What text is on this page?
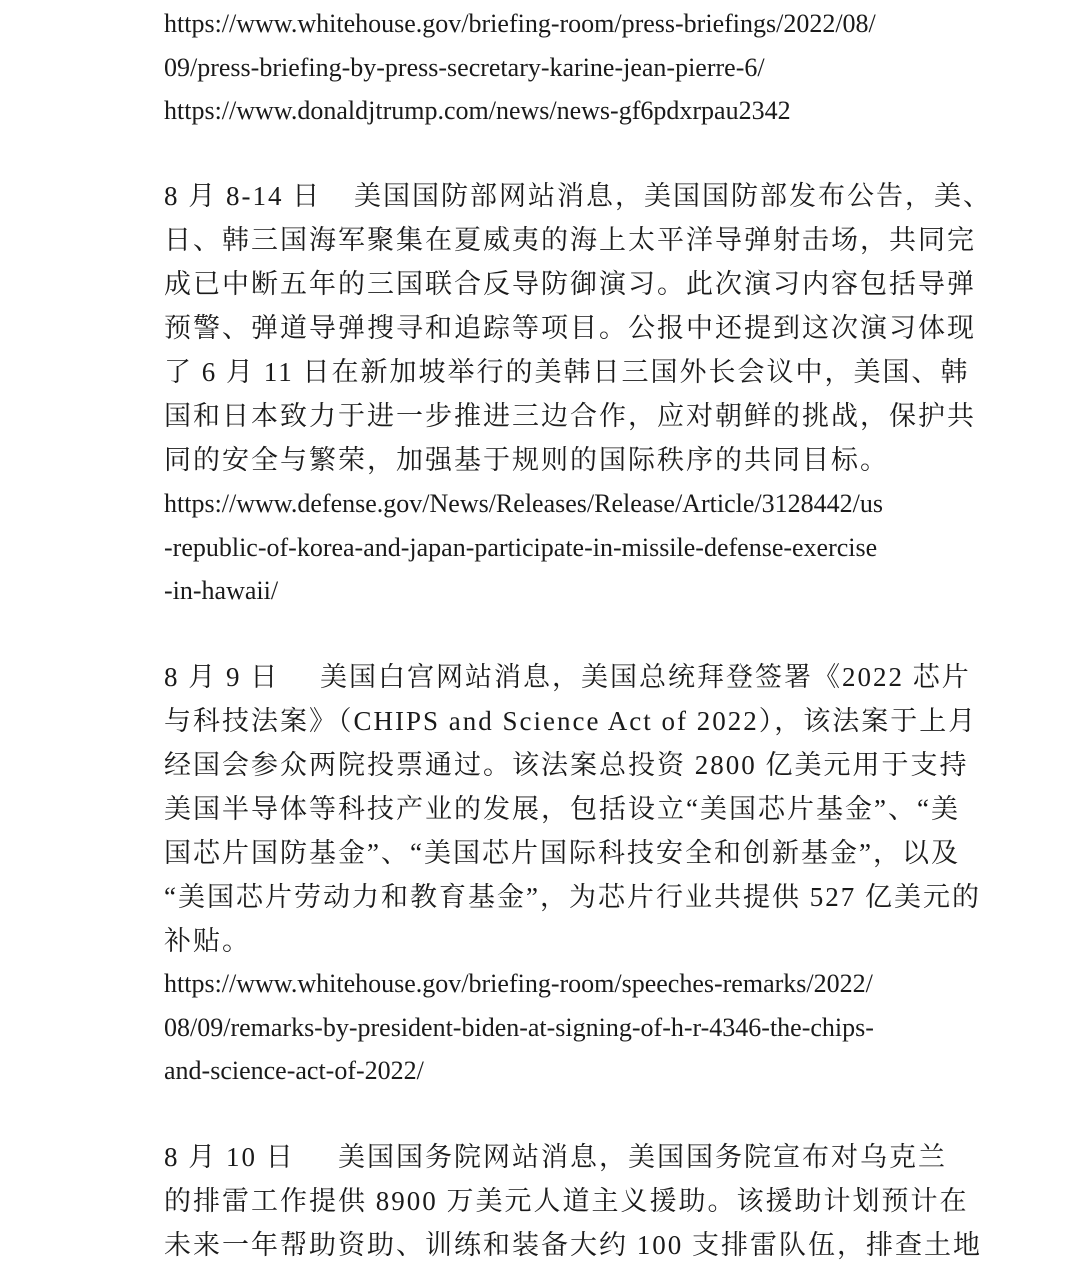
https://www.whitehouse.gov/briefing-room/press-briefings/2022/08/
09/press-briefing-by-press-secretary-karine-jean-pierre-6/
https://www.donaldjtrump.com/news/news-gf6pdxrpau2342
8 月 8-14 日 美国国防部网站消息，美国国防部发布公告，美、
日、韩三国海军聚集在夏威夷的海上太平洋导弹射击场，共同完
成已中断五年的三国联合反导防御演习。此次演习内容包括导弹
预警、弹道导弹搜寻和追踪等项目。公报中还提到这次演习体现
了 6 月 11 日在新加坡举行的美韩日三国外长会议中，美国、韩
国和日本致力于进一步推进三边合作，应对朝鲜的挑战，保护共
同的安全与繁荣，加强基于规则的国际秩序的共同目标。
https://www.defense.gov/News/Releases/Release/Article/3128442/us
-republic-of-korea-and-japan-participate-in-missile-defense-exercise
-in-hawaii/
8 月 9 日 美国白宫网站消息，美国总统拜登签署《2022 芯片
与科技法案》（CHIPS and Science Act of 2022），该法案于上月
经国会参众两院投票通过。该法案总投资 2800 亿美元用于支持
美国半导体等科技产业的发展，包括设立“美国芯片基金”、“美
国芯片国防基金”、“美国芯片国际科技安全和创新基金”，以及
“美国芯片劳动力和教育基金”，为芯片行业共提供 527 亿美元的
补贴。
https://www.whitehouse.gov/briefing-room/speeches-remarks/2022/
08/09/remarks-by-president-biden-at-signing-of-h-r-4346-the-chips-
and-science-act-of-2022/
8 月 10 日 美国国务院网站消息，美国国务院宣布对乌克兰
的排雷工作提供 8900 万美元人道主义援助。该援助计划预计在
未来一年帮助资助、训练和装备大约 100 支排雷队伍，排查土地
